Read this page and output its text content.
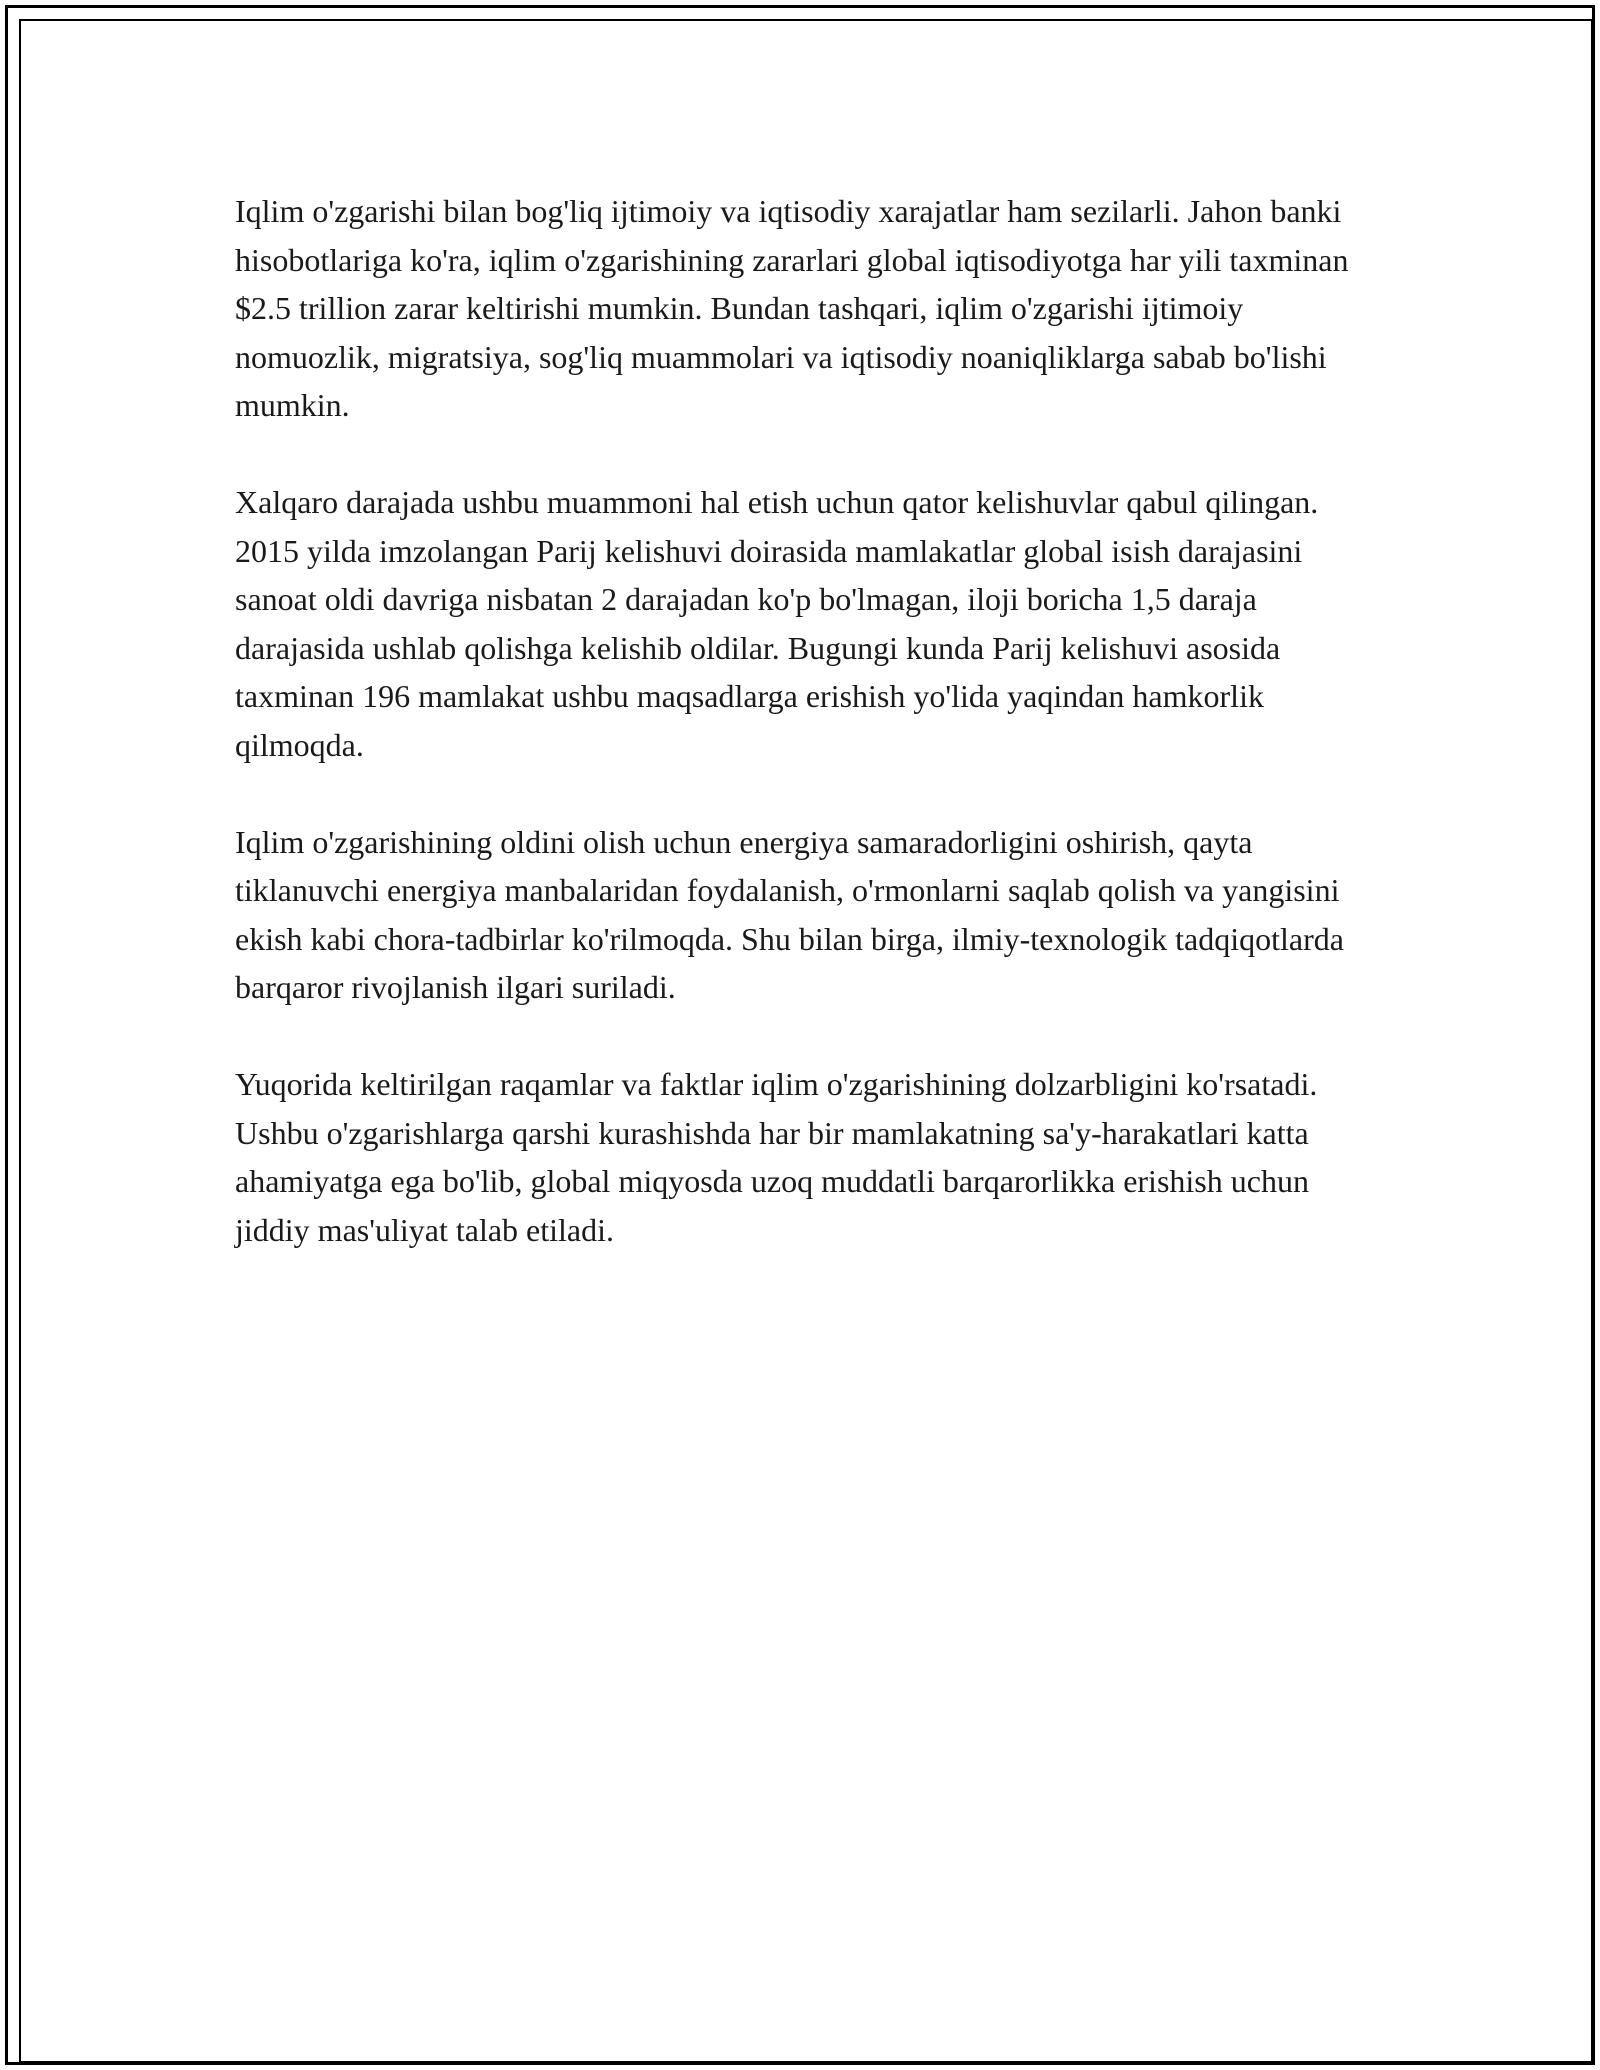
Iqlim o'zgarishi bilan bog'liq ijtimoiy va iqtisodiy xarajatlar ham sezilarli. Jahon banki hisobotlariga ko'ra, iqlim o'zgarishining zararlari global iqtisodiyotga har yili taxminan $2.5 trillion zarar keltirishi mumkin. Bundan tashqari, iqlim o'zgarishi ijtimoiy nomuozlik, migratsiya, sog'liq muammolari va iqtisodiy noaniqliklarga sabab bo'lishi mumkin.

Xalqaro darajada ushbu muammoni hal etish uchun qator kelishuvlar qabul qilingan. 2015 yilda imzolangan Parij kelishuvi doirasida mamlakatlar global isish darajasini sanoat oldi davriga nisbatan 2 darajadan ko'p bo'lmagan, iloji boricha 1,5 daraja darajasida ushlab qolishga kelishib oldilar. Bugungi kunda Parij kelishuvi asosida taxminan 196 mamlakat ushbu maqsadlarga erishish yo'lida yaqindan hamkorlik qilmoqda.

Iqlim o'zgarishining oldini olish uchun energiya samaradorligini oshirish, qayta tiklanuvchi energiya manbalaridan foydalanish, o'rmonlarni saqlab qolish va yangisini ekish kabi chora-tadbirlar ko'rilmoqda. Shu bilan birga, ilmiy-texnologik tadqiqotlarda barqaror rivojlanish ilgari suriladi.

Yuqorida keltirilgan raqamlar va faktlar iqlim o'zgarishining dolzarbligini ko'rsatadi. Ushbu o'zgarishlarga qarshi kurashishda har bir mamlakatning sa'y-harakatlari katta ahamiyatga ega bo'lib, global miqyosda uzoq muddatli barqarorlikka erishish uchun jiddiy mas'uliyat talab etiladi.
